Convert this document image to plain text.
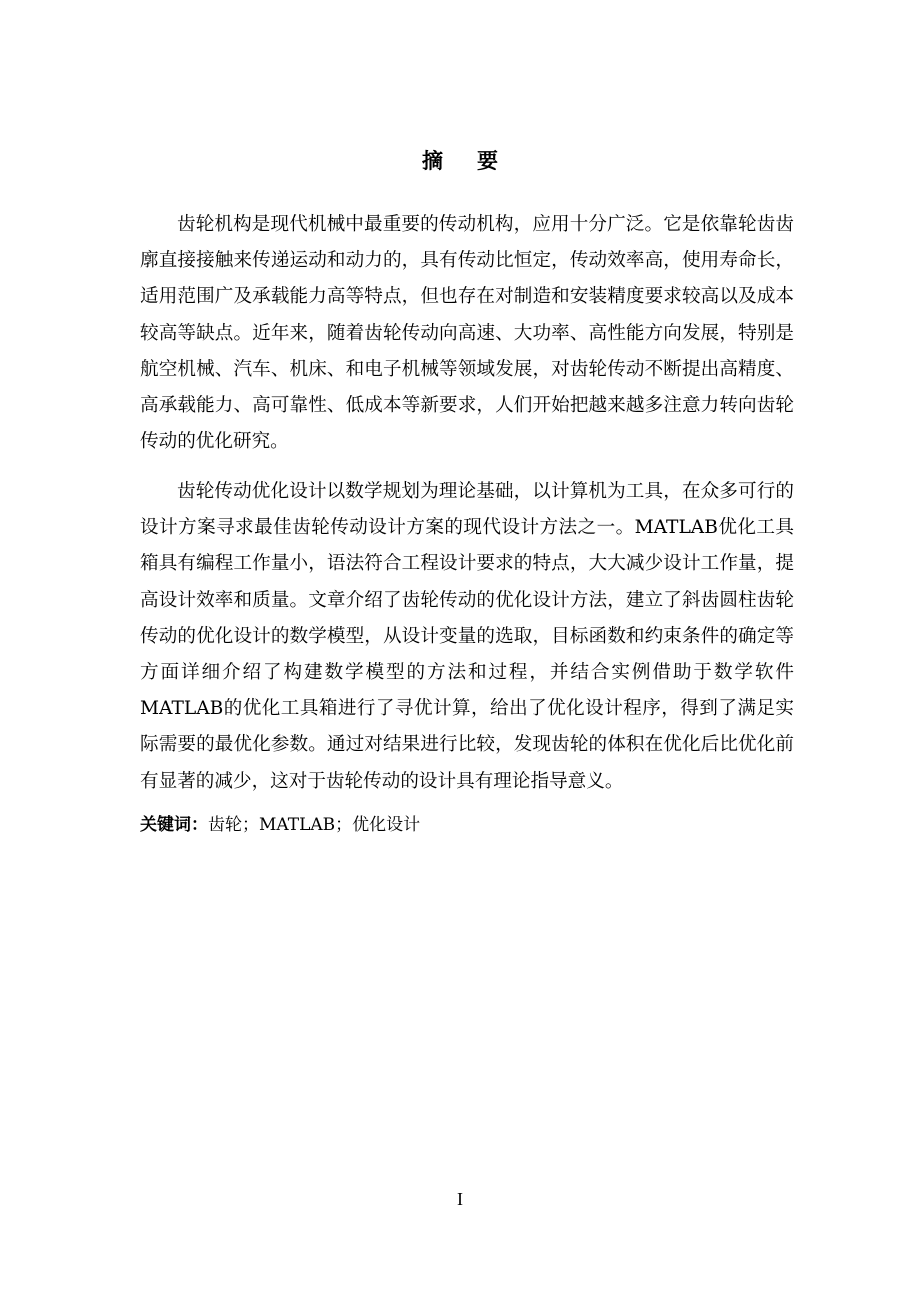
摘要

齿轮机构是现代机械中最重要的传动机构，应用十分广泛。它是依靠轮齿齿廓直接接触来传递运动和动力的，具有传动比恒定，传动效率高，使用寿命长，适用范围广及承载能力高等特点，但也存在对制造和安装精度要求较高以及成本较高等缺点。近年来，随着齿轮传动向高速、大功率、高性能方向发展，特别是航空机械、汽车、机床、和电子机械等领域发展，对齿轮传动不断提出高精度、高承载能力、高可靠性、低成本等新要求，人们开始把越来越多注意力转向齿轮传动的优化研究。

齿轮传动优化设计以数学规划为理论基础，以计算机为工具，在众多可行的设计方案寻求最佳齿轮传动设计方案的现代设计方法之一。MATLAB优化工具箱具有编程工作量小，语法符合工程设计要求的特点，大大减少设计工作量，提高设计效率和质量。文章介绍了齿轮传动的优化设计方法，建立了斜齿圆柱齿轮传动的优化设计的数学模型，从设计变量的选取，目标函数和约束条件的确定等方面详细介绍了构建数学模型的方法和过程，并结合实例借助于数学软件MATLAB的优化工具箱进行了寻优计算，给出了优化设计程序，得到了满足实际需要的最优化参数。通过对结果进行比较，发现齿轮的体积在优化后比优化前有显著的减少，这对于齿轮传动的设计具有理论指导意义。

关键词：齿轮；MATLAB；优化设计
I
